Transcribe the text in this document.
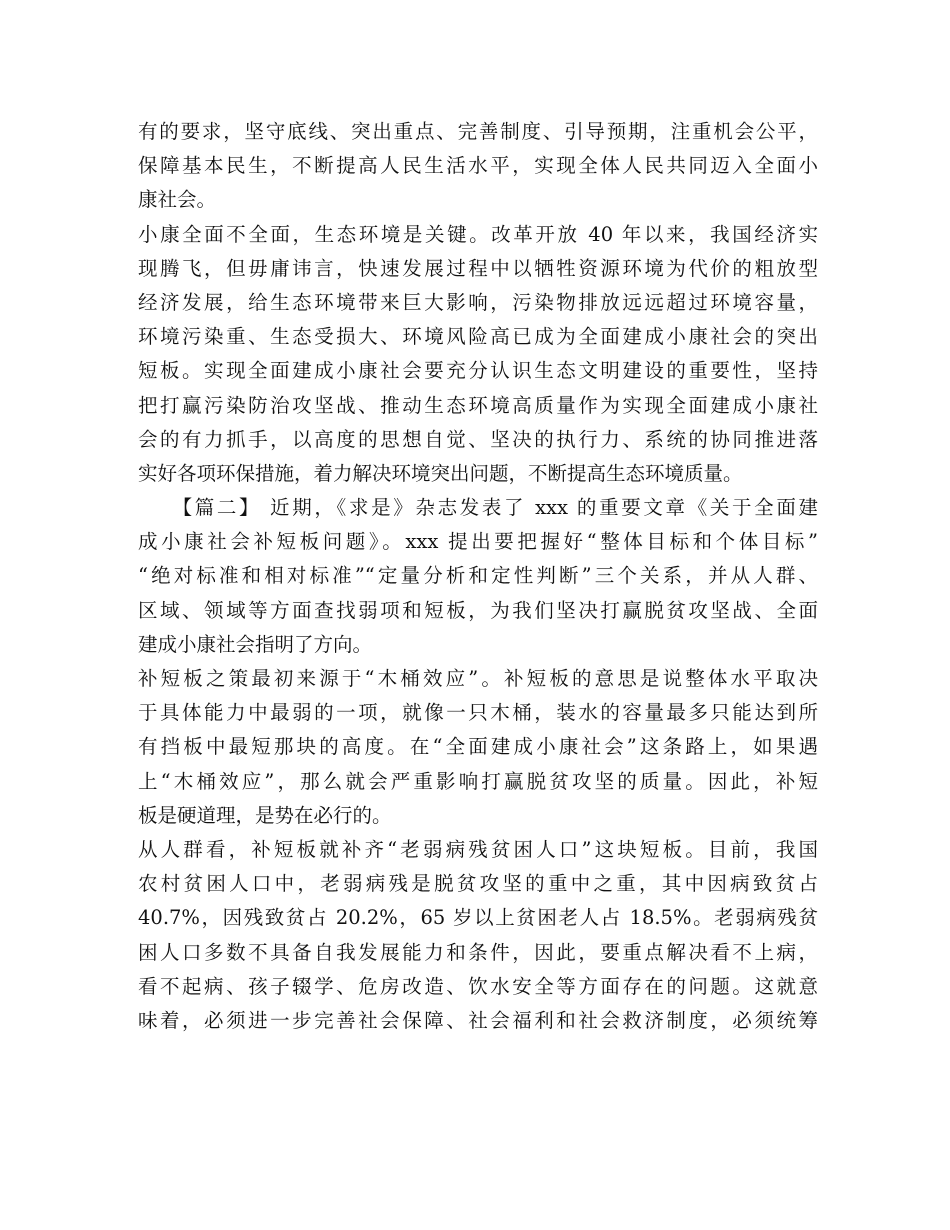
有的要求，坚守底线、突出重点、完善制度、引导预期，注重机会公平，
保障基本民生，不断提高人民生活水平，实现全体人民共同迈入全面小
康社会。
小康全面不全面，生态环境是关键。改革开放 40 年以来，我国经济实
现腾飞，但毋庸讳言，快速发展过程中以牺牲资源环境为代价的粗放型
经济发展，给生态环境带来巨大影响，污染物排放远远超过环境容量，
环境污染重、生态受损大、环境风险高已成为全面建成小康社会的突出
短板。实现全面建成小康社会要充分认识生态文明建设的重要性，坚持
把打赢污染防治攻坚战、推动生态环境高质量作为实现全面建成小康社
会的有力抓手，以高度的思想自觉、坚决的执行力、系统的协同推进落
实好各项环保措施，着力解决环境突出问题，不断提高生态环境质量。
　　【篇二】 近期，《求是》杂志发表了 xxx 的重要文章《关于全面建
成小康社会补短板问题》。xxx 提出要把握好“整体目标和个体目标”
“绝对标准和相对标准”“定量分析和定性判断”三个关系，并从人群、
区域、领域等方面查找弱项和短板，为我们坚决打赢脱贫攻坚战、全面
建成小康社会指明了方向。
补短板之策最初来源于“木桶效应”。补短板的意思是说整体水平取决
于具体能力中最弱的一项，就像一只木桶，装水的容量最多只能达到所
有挡板中最短那块的高度。在“全面建成小康社会”这条路上，如果遇
上“木桶效应”，那么就会严重影响打赢脱贫攻坚的质量。因此，补短
板是硬道理，是势在必行的。
从人群看，补短板就补齐“老弱病残贫困人口”这块短板。目前，我国
农村贫困人口中，老弱病残是脱贫攻坚的重中之重，其中因病致贫占
40.7%，因残致贫占 20.2%，65 岁以上贫困老人占 18.5%。老弱病残贫
困人口多数不具备自我发展能力和条件，因此，要重点解决看不上病，
看不起病、孩子辍学、危房改造、饮水安全等方面存在的问题。这就意
味着，必须进一步完善社会保障、社会福利和社会救济制度，必须统筹
